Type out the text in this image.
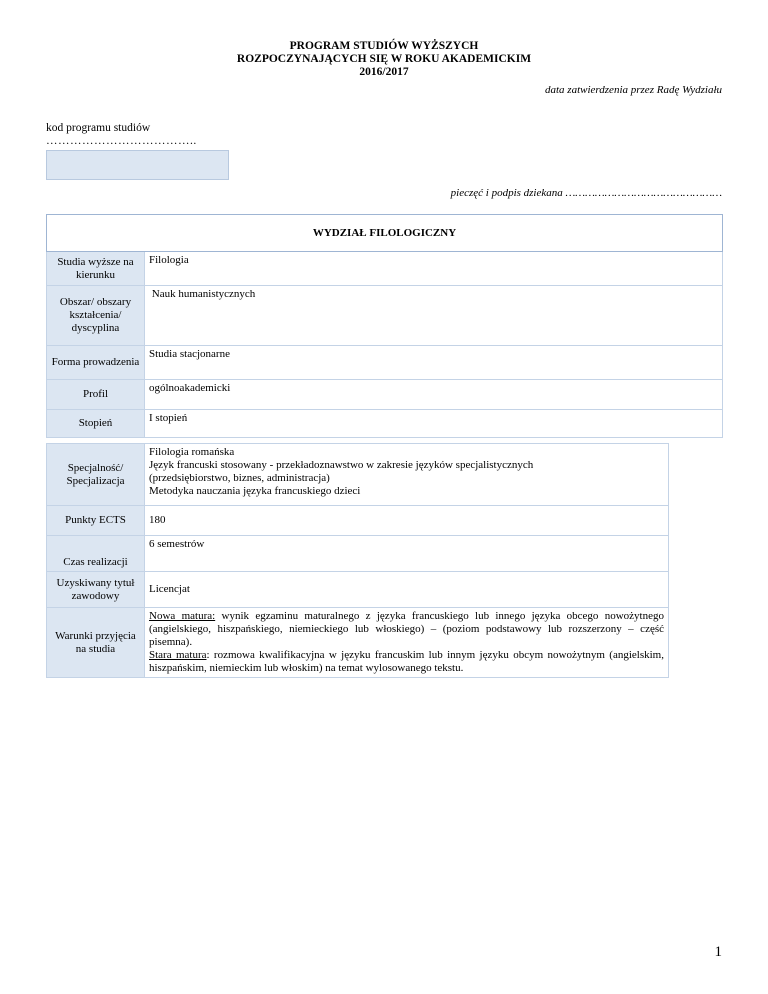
PROGRAM STUDIÓW WYŻSZYCH
ROZPOCZYNAJĄCYCH SIĘ W ROKU AKADEMICKIM
2016/2017
data zatwierdzenia przez Radę Wydziału
kod programu studiów
………………………………..
pieczęć i podpis dziekana …………………………………………
WYDZIAŁ FILOLOGICZNY	
Studia wyższe na kierunku	Filologia
Obszar/ obszary kształcenia/ dyscyplina	Nauk humanistycznych
Forma prowadzenia	Studia stacjonarne
Profil	ogólnoakademicki
Stopień	I stopień
Specjalność/ Specjalizacja	Filologia romańska
Język francuski stosowany - przekładoznawstwo w zakresie języków specjalistycznych
(przedsiębiorstwo, biznes, administracja)
Metodyka nauczania języka francuskiego dzieci

Punkty ECTS	180
Czas realizacji	6 semestrów
Uzyskiwany tytuł zawodowy	Licencjat
Warunki przyjęcia na studia	Nowa matura: wynik egzaminu maturalnego z języka francuskiego lub innego języka obcego nowożytnego (angielskiego, hiszpańskiego, niemieckiego lub włoskiego) – (poziom podstawowy lub rozszerzony – część pisemna).
Stara matura: rozmowa kwalifikacyjna w języku francuskim lub innym języku obcym nowożytnym (angielskim, hiszpańskim, niemieckim lub włoskim) na temat wylosowanego tekstu.
1
